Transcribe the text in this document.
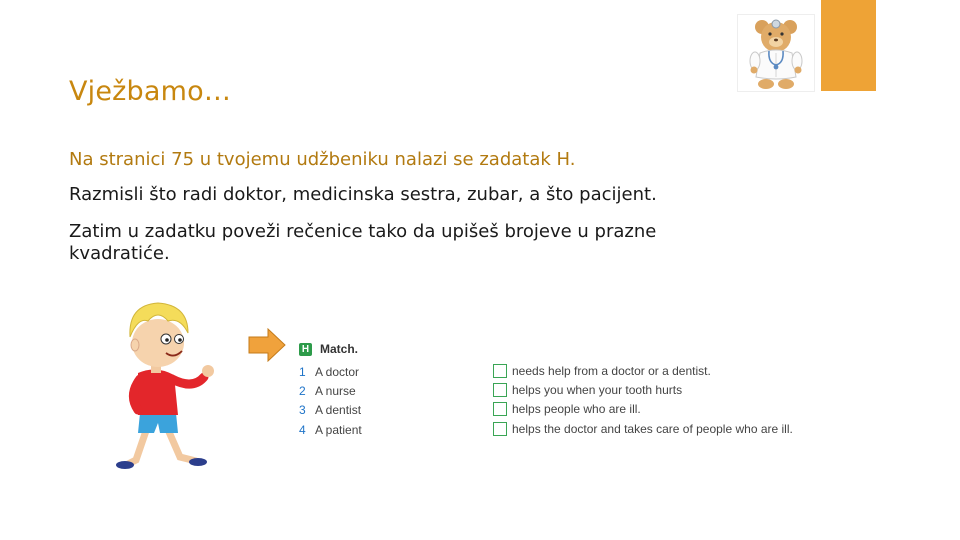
Vježbamo…
Na stranici 75 u tvojemu udžbeniku nalazi se zadatak H.
Razmisli što radi doktor, medicinska sestra, zubar, a što pacijent.
Zatim u zadatku poveži rečenice tako da upišeš brojeve u prazne kvadratiće.
H Match.
1 A doctor
2 A nurse
3 A dentist
4 A patient
needs help from a doctor or a dentist.
helps you when your tooth hurts
helps people who are ill.
helps the doctor and takes care of people who are ill.
